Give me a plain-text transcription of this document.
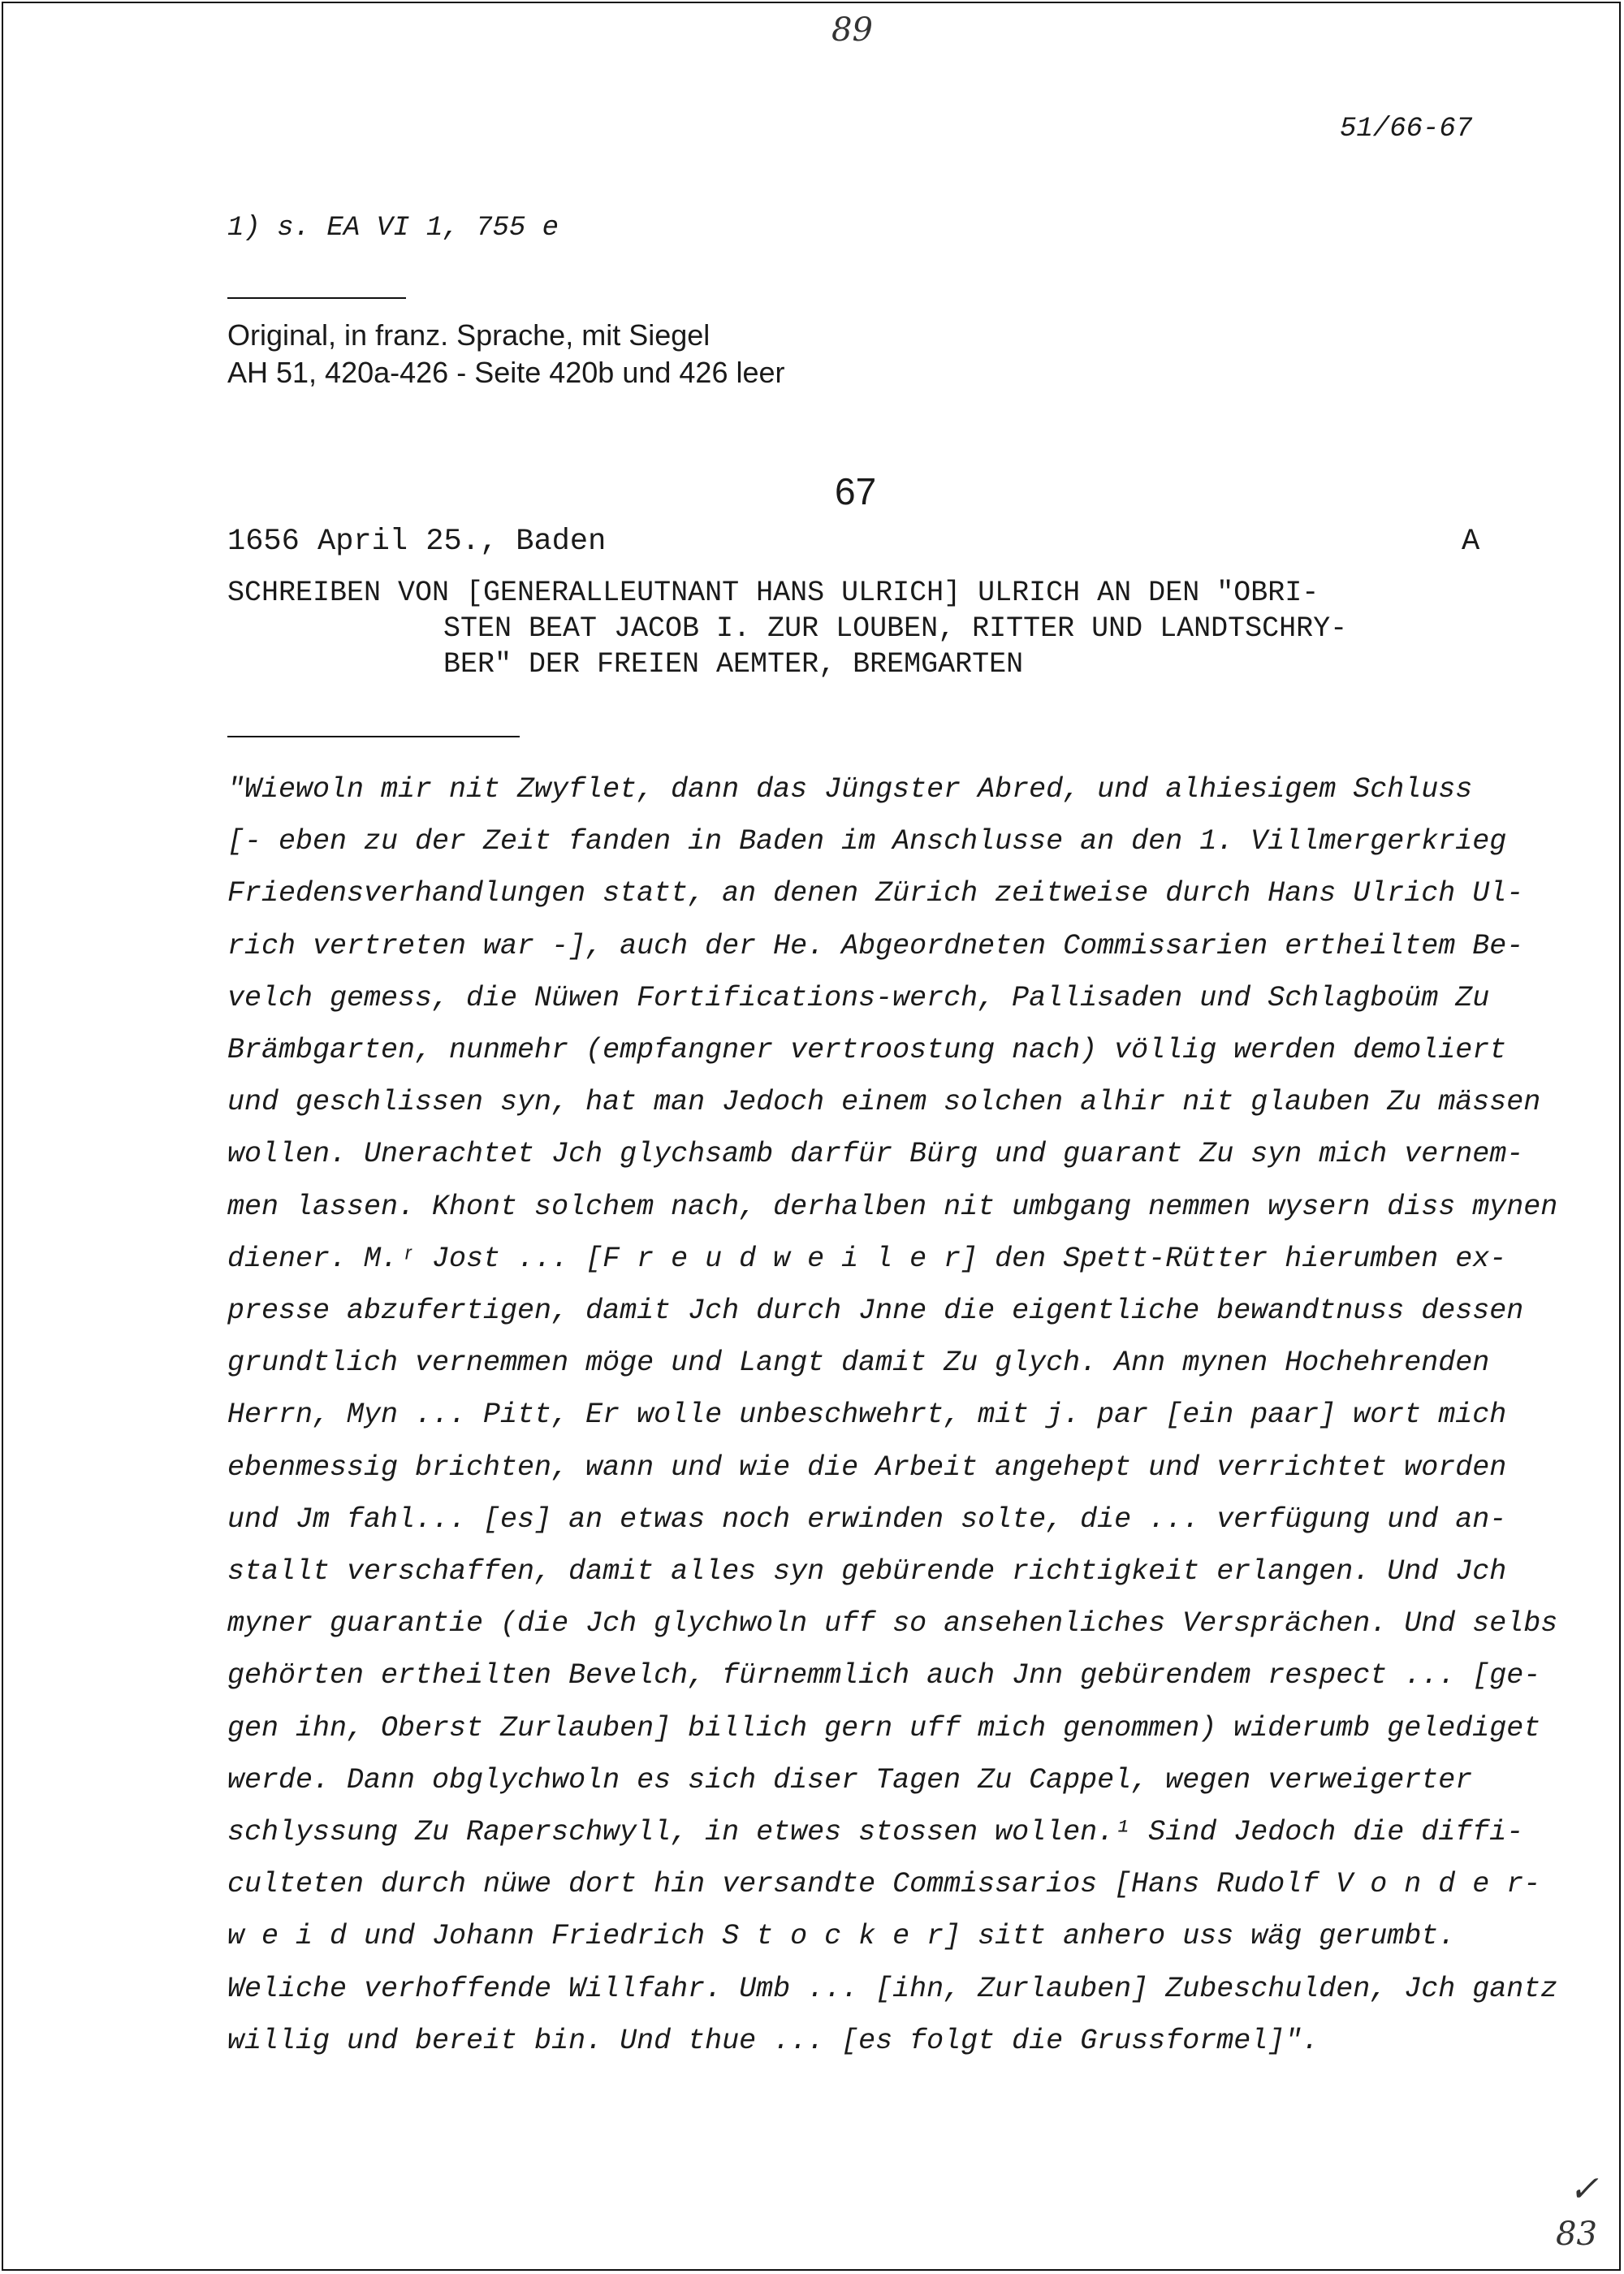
89
51/66-67
1) s. EA VI 1, 755 e
Original, in franz. Sprache, mit Siegel
AH 51, 420a-426 - Seite 420b und 426 leer
67
1656 April 25., Baden	A
SCHREIBEN VON [GENERALLEUTNANT HANS ULRICH] ULRICH AN DEN "OBRI-
STEN BEAT JACOB I. ZUR LOUBEN, RITTER UND LANDTSCHRY-
BER" DER FREIEN AEMTER, BREMGARTEN
"Wiewoln mir nit Zwyflet, dann das Jüngster Abred, und alhiesigem Schluss
[- eben zu der Zeit fanden in Baden im Anschlusse an den 1. Villmergerkrieg
Friedensverhandlungen statt, an denen Zürich zeitweise durch Hans Ulrich Ul-
rich vertreten war -], auch der He. Abgeordneten Commissarien ertheiltem Be-
velch gemess, die Nüwen Fortifications-werch, Pallisaden und Schlagboüm Zu
Brämbgarten, nunmehr (empfangner vertroostung nach) völlig werden demoliert
und geschlissen syn, hat man Jedoch einem solchen alhir nit glauben Zu mässen
wollen. Unerachtet Jch glychsamb darfür Bürg und guarant Zu syn mich vernem-
men lassen. Khont solchem nach, derhalben nit umbgang nemmen wysern diss mynen
diener. M.ʳ Jost ... [F r e u d w e i l e r] den Spett-Rütter hierumben ex-
presse abzufertigen, damit Jch durch Jnne die eigentliche bewandtnuss dessen
grundtlich vernemmen möge und Langt damit Zu glych. Ann mynen Hochehrenden
Herrn, Myn ... Pitt, Er wolle unbeschwehrt, mit j. par [ein paar] wort mich
ebenmessig brichten, wann und wie die Arbeit angehept und verrichtet worden
und Jm fahl... [es] an etwas noch erwinden solte, die ... verfügung und an-
stallt verschaffen, damit alles syn gebürende richtigkeit erlangen. Und Jch
myner guarantie (die Jch glychwoln uff so ansehenliches Versprächen. Und selbs
gehörten ertheilten Bevelch, fürnemmlich auch Jnn gebürendem respect ... [ge-
gen ihn, Oberst Zurlauben] billich gern uff mich genommen) widerumb gelediget
werde. Dann obglychwoln es sich diser Tagen Zu Cappel, wegen verweigerter
schlyssung Zu Raperschwyll, in etwes stossen wollen.¹ Sind Jedoch die diffi-
culteten durch nüwe dort hin versandte Commissarios [Hans Rudolf V o n d e r-
w e i d und Johann Friedrich S t o c k e r] sitt anhero uss wäg gerumbt.
Weliche verhoffende Willfahr. Umb ... [ihn, Zurlauben] Zubeschulden, Jch gantz
willig und bereit bin. Und thue ... [es folgt die Grussformel]".
✓
83
